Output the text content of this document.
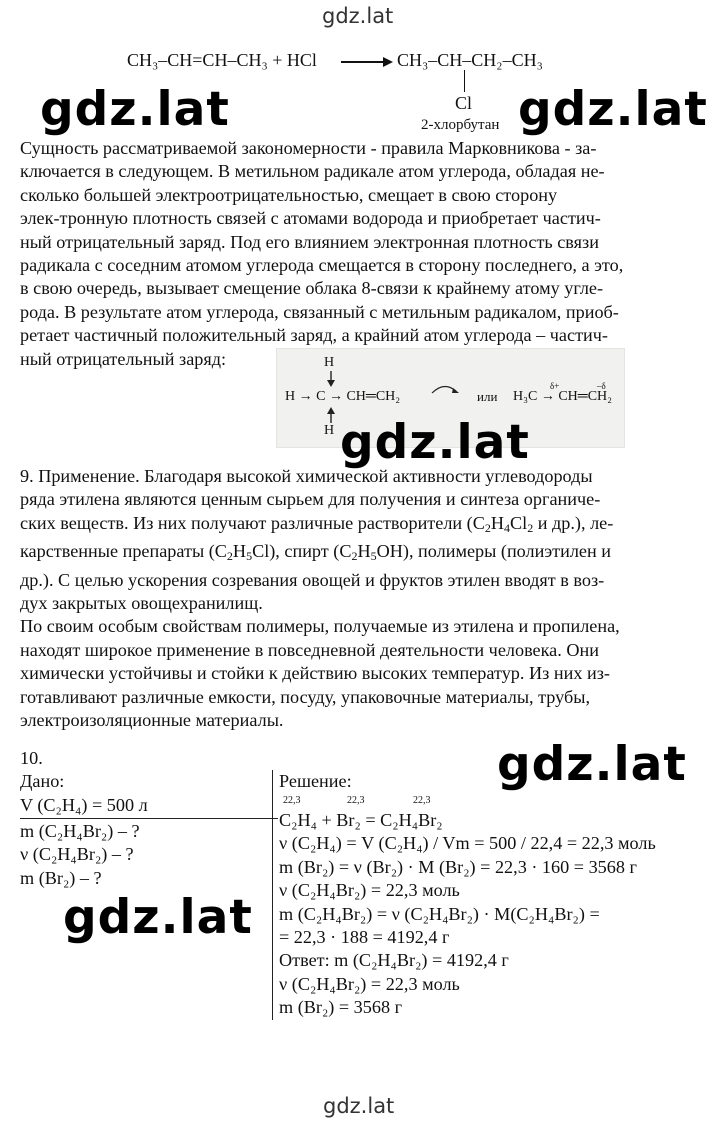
gdz.lat
CH₃–CH=CH–CH₃ + HCl → CH₃–CH–CH₂–CH₃
Cl
2-хлорбутан
gdz.lat	gdz.lat
Сущность рассматриваемой закономерности - правила Марковникова - за-
ключается в следующем. В метильном радикале атом углерода, обладая не-
сколько большей электроотрицательностью, смещает в свою сторону
элек-тронную плотность связей с атомами водорода и приобретает частич-
ный отрицательный заряд. Под его влиянием электронная плотность связи
радикала с соседним атомом углерода смещается в сторону последнего, а это,
в свою очередь, вызывает смещение облака 8-связи к крайнему атому угле-
рода. В результате атом углерода, связанный с метильным радикалом, приоб-
ретает частичный положительный заряд, а крайний атом углерода – частич-
ный отрицательный заряд:	H
H → C → CH═CH₂	или
δ+	–δ
H₃C → CH═CH₂
H gdz.lat
9. Применение. Благодаря высокой химической активности углеводороды
ряда этилена являются ценным сырьем для получения и синтеза органиче-
ских веществ. Из них получают различные растворители ($C_2H_4Cl_2$ и др.), ле-
карственные препараты $(C_2H_5Cl)$, спирт $(C_2H_5OH)$, полимеры (полиэтилен и
др.). С целью ускорения созревания овощей и фруктов этилен вводят в воз-
дух закрытых овощехранилищ.
По своим особым свойствам полимеры, получаемые из этилена и пропилена,
находят широкое применение в повседневной деятельности человека. Они
химически устойчивы и стойки к действию высоких температур. Из них из-
готавливают различные емкости, посуду, упаковочные материалы, трубы,
электроизоляционные материалы.
10.
Дано:
V (C₂H₄) = 500 л
m (C₂H₄Br₂) – ?
ν (C₂H₄Br₂) – ?
m (Br₂) – ?
gdz.lat
gdz.lat
Решение:
22,3	22,3	22,3
C₂H₄ + Br₂ = C₂H₄Br₂
ν (C₂H₄) = V (C₂H₄) / Vm = 500 / 22,4 = 22,3 моль
m (Br₂) = ν (Br₂) · M (Br₂) = 22,3 · 160 = 3568 г
ν (C₂H₄Br₂) = 22,3 моль
m (C₂H₄Br₂) = ν (C₂H₄Br₂) · M(C₂H₄Br₂) =
= 22,3 · 188 = 4192,4 г
Ответ: m (C₂H₄Br₂) = 4192,4 г
ν (C₂H₄Br₂) = 22,3 моль
m (Br₂) = 3568 г
gdz.lat
